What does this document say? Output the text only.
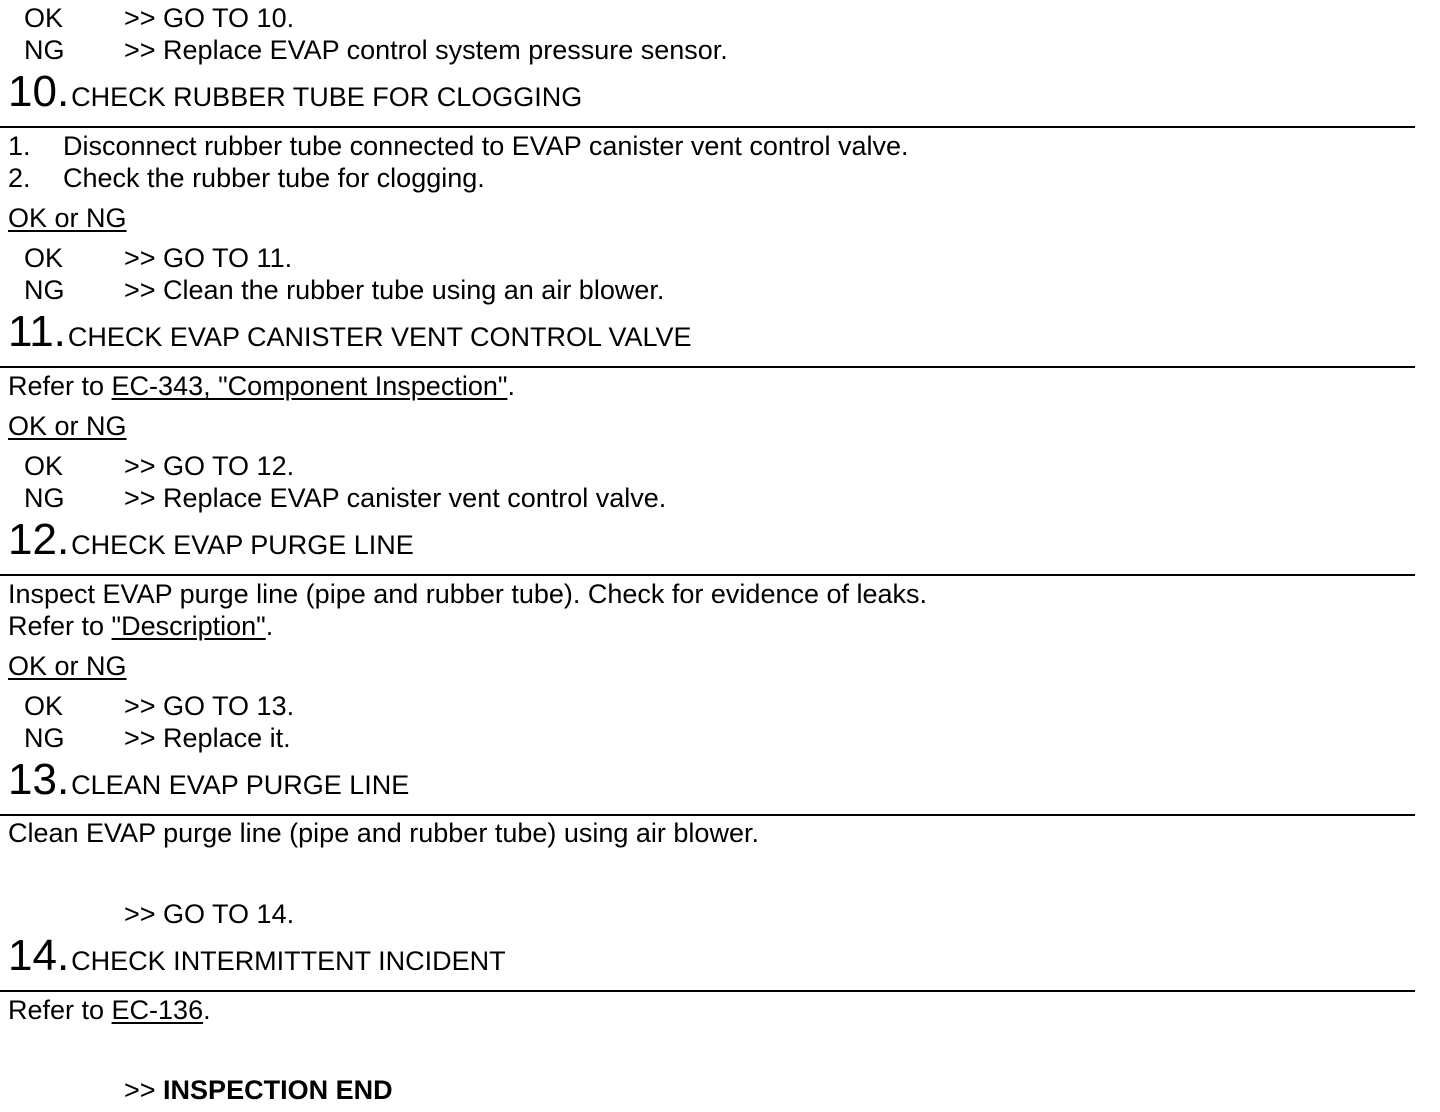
OK >> GO TO 10.
NG >> Replace EVAP control system pressure sensor.
10. CHECK RUBBER TUBE FOR CLOGGING
1. Disconnect rubber tube connected to EVAP canister vent control valve.
2. Check the rubber tube for clogging.
OK or NG
OK >> GO TO 11.
NG >> Clean the rubber tube using an air blower.
11. CHECK EVAP CANISTER VENT CONTROL VALVE
Refer to EC-343, "Component Inspection".
OK or NG
OK >> GO TO 12.
NG >> Replace EVAP canister vent control valve.
12. CHECK EVAP PURGE LINE
Inspect EVAP purge line (pipe and rubber tube). Check for evidence of leaks.
Refer to "Description".
OK or NG
OK >> GO TO 13.
NG >> Replace it.
13. CLEAN EVAP PURGE LINE
Clean EVAP purge line (pipe and rubber tube) using air blower.
>> GO TO 14.
14. CHECK INTERMITTENT INCIDENT
Refer to EC-136.
>> INSPECTION END
